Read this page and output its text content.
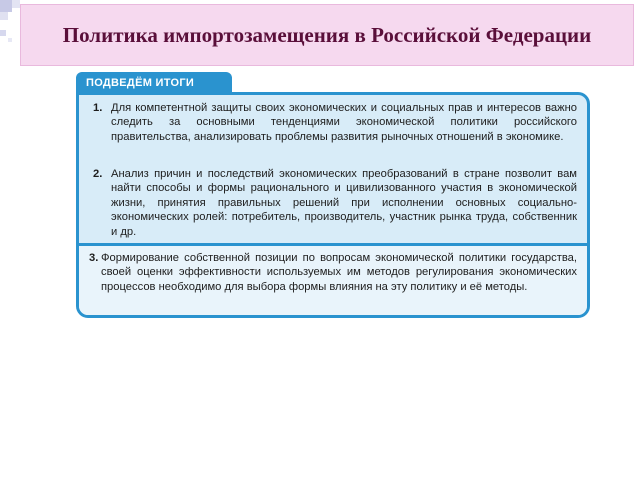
Политика импортозамещения в Российской Федерации
ПОДВЕДЁМ ИТОГИ
1. Для компетентной защиты своих экономических и социальных прав и интересов важно следить за основными тенденциями экономической политики российского правительства, анализировать проблемы развития рыночных отношений в экономике.
2. Анализ причин и последствий экономических преобразований в стране позволит вам найти способы и формы рационального и цивилизованного участия в экономической жизни, принятия правильных решений при исполнении основных социально-экономических ролей: потребитель, производитель, участник рынка труда, собственник и др.
3. Формирование собственной позиции по вопросам экономической политики государства, своей оценки эффективности используемых им методов регулирования экономических процессов необходимо для выбора формы влияния на эту политику и её методы.
